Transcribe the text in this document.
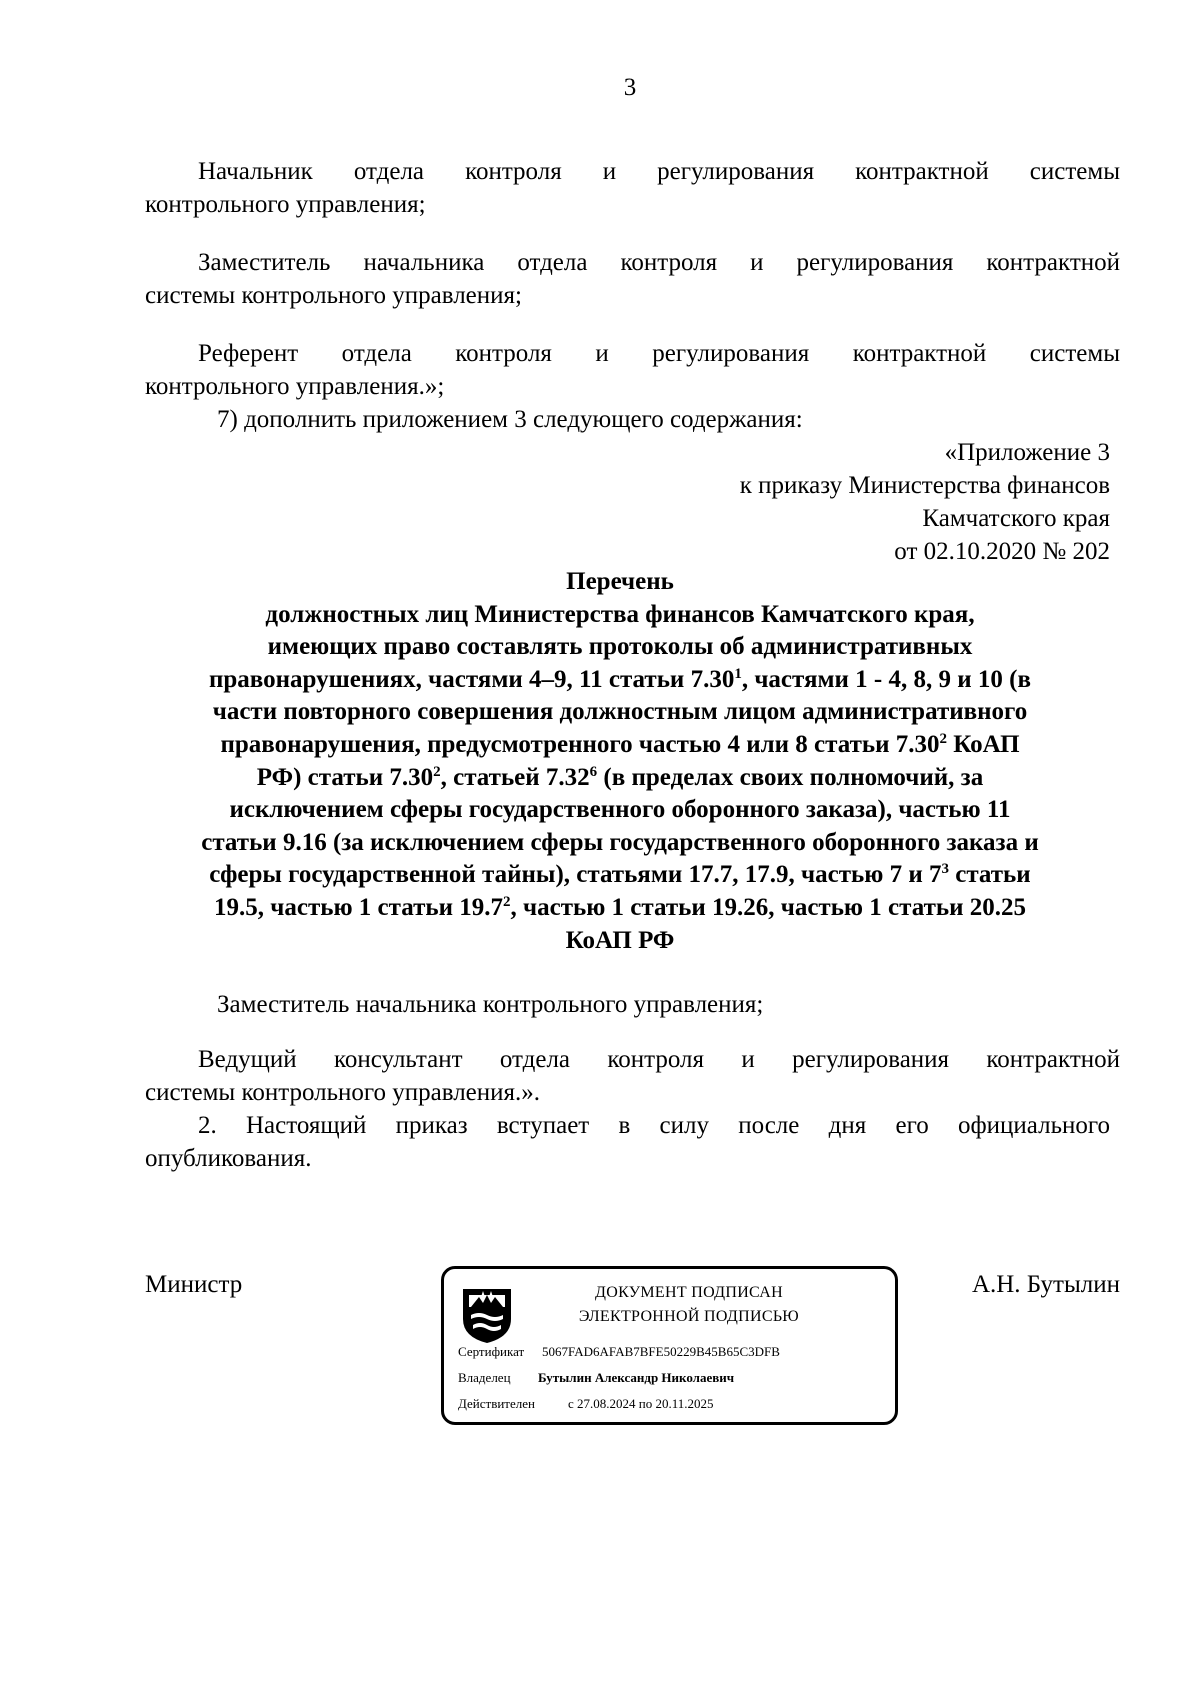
3
Начальник отдела контроля и регулирования контрактной системы
контрольного управления;
Заместитель начальника отдела контроля и регулирования контрактной
системы контрольного управления;
Референт отдела контроля и регулирования контрактной системы
контрольного управления.»;
7) дополнить приложением 3 следующего содержания:
«Приложение 3
к приказу Министерства финансов
Камчатского края
от 02.10.2020 № 202
Перечень
должностных лиц Министерства финансов Камчатского края,
имеющих право составлять протоколы об административных
правонарушениях, частями 4–9, 11 статьи 7.30$^1$, частями 1 - 4, 8, 9 и 10 (в
части повторного совершения должностным лицом административного
правонарушения, предусмотренного частью 4 или 8 статьи 7.30$^2$ КоАП
РФ) статьи 7.30$^2$, статьей 7.32$^6$ (в пределах своих полномочий, за
исключением сферы государственного оборонного заказа), частью 11
статьи 9.16 (за исключением сферы государственного оборонного заказа и
сферы государственной тайны), статьями 17.7, 17.9, частью 7 и $7^3$ статьи
19.5, частью 1 статьи 19.7$^2$, частью 1 статьи 19.26, частью 1 статьи 20.25
КоАП РФ
Заместитель начальника контрольного управления;
Ведущий консультант отдела контроля и регулирования контрактной
системы контрольного управления.».
2. Настоящий приказ вступает в силу после дня его официального
опубликования.
Министр	А.Н. Бутылин
ДОКУМЕНТ ПОДПИСАН
ЭЛЕКТРОННОЙ ПОДПИСЬЮ
Сертификат 5067FAD6AFAB7BFE50229B45B65C3DFB
Владелец Бутылин Александр Николаевич
Действителен	с 27.08.2024 по 20.11.2025
